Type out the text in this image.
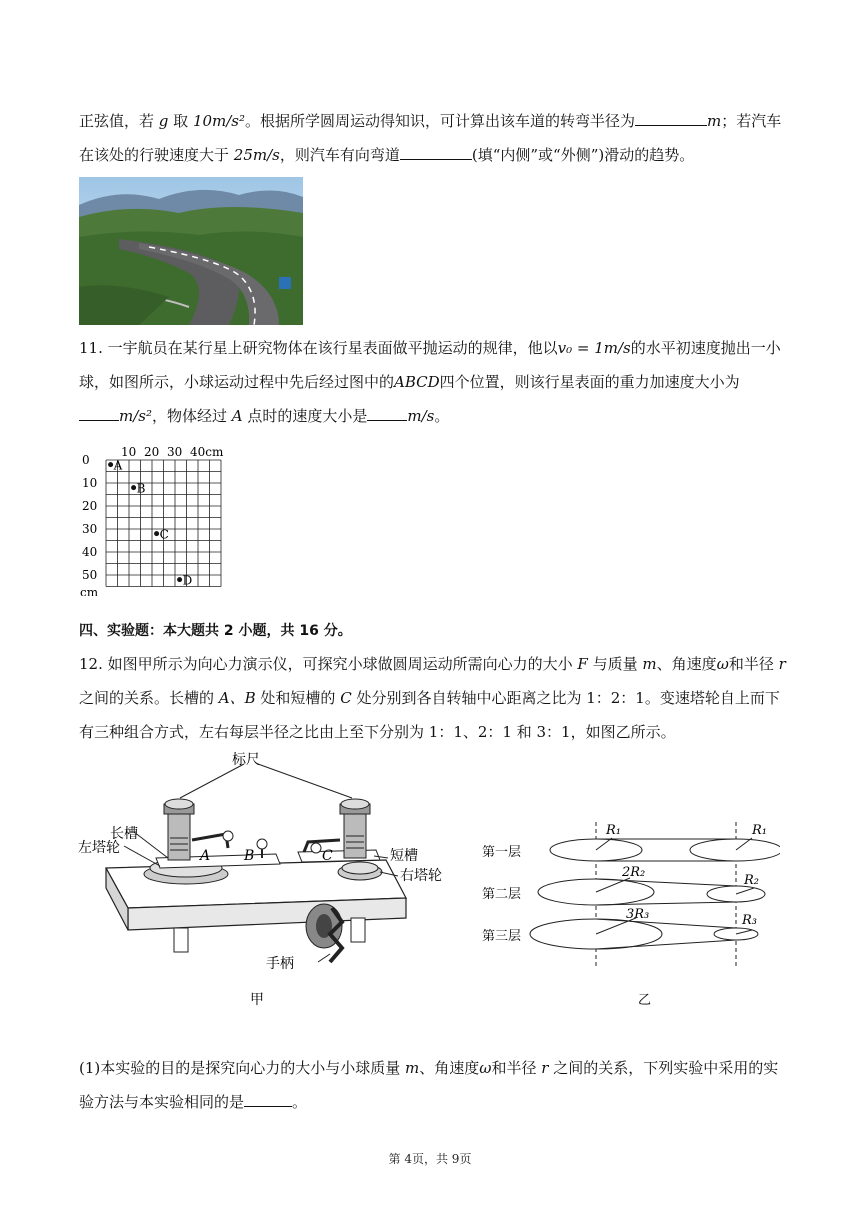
正弦值，若 g 取 10m/s²。根据所学圆周运动得知识，可计算出该车道的转弯半径为	m；若汽车
在该处的行驶速度大于 25m/s，则汽车有向弯道	(填“内侧”或“外侧”)滑动的趋势。
11. 一宇航员在某行星上研究物体在该行星表面做平抛运动的规律，他以v₀ = 1m/s的水平初速度抛出一小
球，如图所示，小球运动过程中先后经过图中的ABCD四个位置，则该行星表面的重力加速度大小为
m/s²，物体经过 A 点时的速度大小是	m/s。
10 20 30 40cm
0
10
20
30
40
50
cm
A
B
C
D
四、实验题：本大题共 2 小题，共 16 分。
12. 如图甲所示为向心力演示仪，可探究小球做圆周运动所需向心力的大小 F 与质量 m、角速度ω和半径 r
之间的关系。长槽的 A、B 处和短槽的 C 处分别到各自转轴中心距离之比为 1：2：1。变速塔轮自上而下
有三种组合方式，左右每层半径之比由上至下分别为 1：1、2：1 和 3：1，如图乙所示。
标尺
长槽
左塔轮	A B	C	短槽
右塔轮
手柄
甲
第一层
第二层
第三层
R₁	R₁
2R₂
R₂
3R₃	R₃
乙
(1)本实验的目的是探究向心力的大小与小球质量 m、角速度ω和半径 r 之间的关系，下列实验中采用的实
验方法与本实验相同的是	。
第 4页，共 9页
